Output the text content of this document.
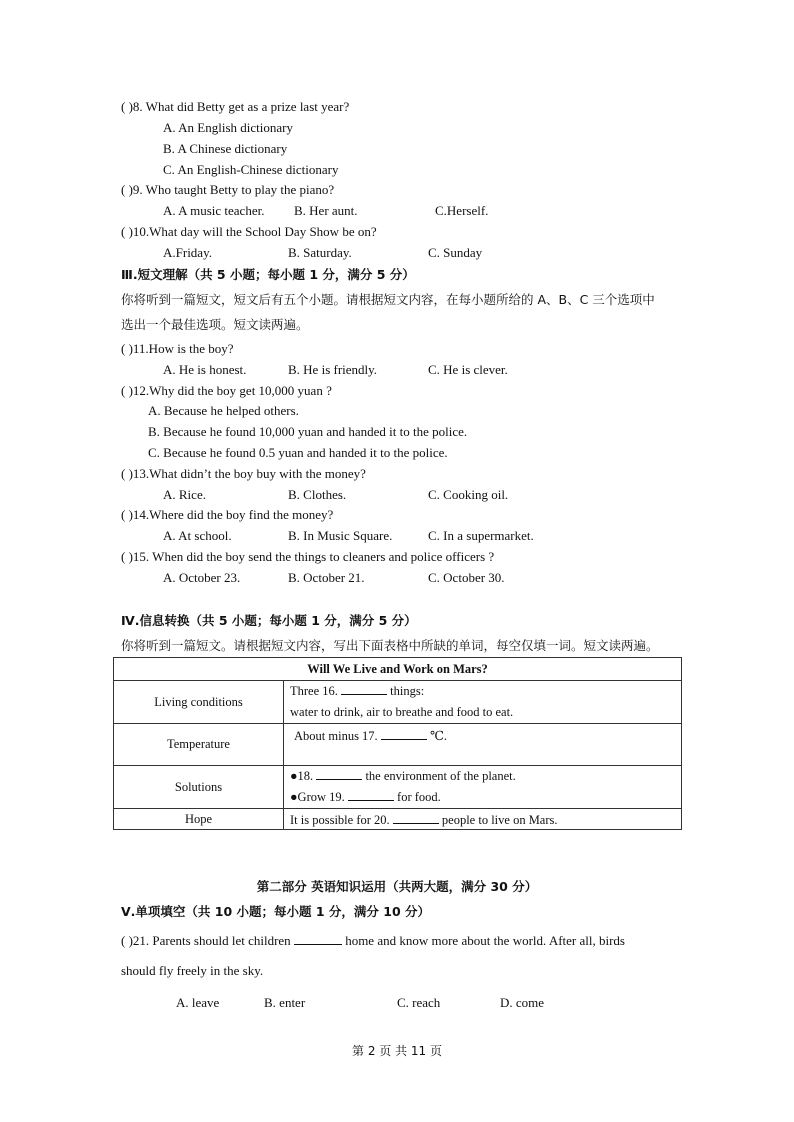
( )8. What did Betty get as a prize last year?
A. An English dictionary
B. A Chinese dictionary
C. An English-Chinese dictionary
( )9. Who taught Betty to play the piano?
A. A music teacher. B. Her aunt.	C.Herself.
( )10.What day will the School Day Show be on?
A.Friday.	B. Saturday.	C. Sunday
Ⅲ.短文理解（共 5 小题；每小题 1 分，满分 5 分）
你将听到一篇短文，短文后有五个小题。请根据短文内容，在每小题所给的 A、B、C 三个选项中
选出一个最佳选项。短文读两遍。
( )11.How is the boy?
A. He is honest.	B. He is friendly.	C. He is clever.
( )12.Why did the boy get 10,000 yuan ?
A. Because he helped others.
B. Because he found 10,000 yuan and handed it to the police.
C. Because he found 0.5 yuan and handed it to the police.
( )13.What didn’t the boy buy with the money?
A. Rice.	B. Clothes.	C. Cooking oil.
( )14.Where did the boy find the money?
A. At school.	B. In Music Square.	C. In a supermarket.
( )15. When did the boy send the things to cleaners and police officers ?
A. October 23.	B. October 21.	C. October 30.
Ⅳ.信息转换（共 5 小题；每小题 1 分，满分 5 分）
你将听到一篇短文。请根据短文内容，写出下面表格中所缺的单词，每空仅填一词。短文读两遍。
Will We Live and Work on Mars?	
Living conditions	Three 16. things:
water to drink, air to breathe and food to eat.

Temperature	About minus 17. ℃.
Solutions	●18. the environment of the planet.
●Grow 19. for food.

Hope	It is possible for 20. people to live on Mars.
第二部分 英语知识运用（共两大题，满分 30 分）
Ⅴ.单项填空（共 10 小题；每小题 1 分，满分 10 分）
( )21. Parents should let children	home and know more about the world. After all, birds
should fly freely in the sky.
A. leave	B. enter	C. reach	D. come
第 2 页 共 11 页
